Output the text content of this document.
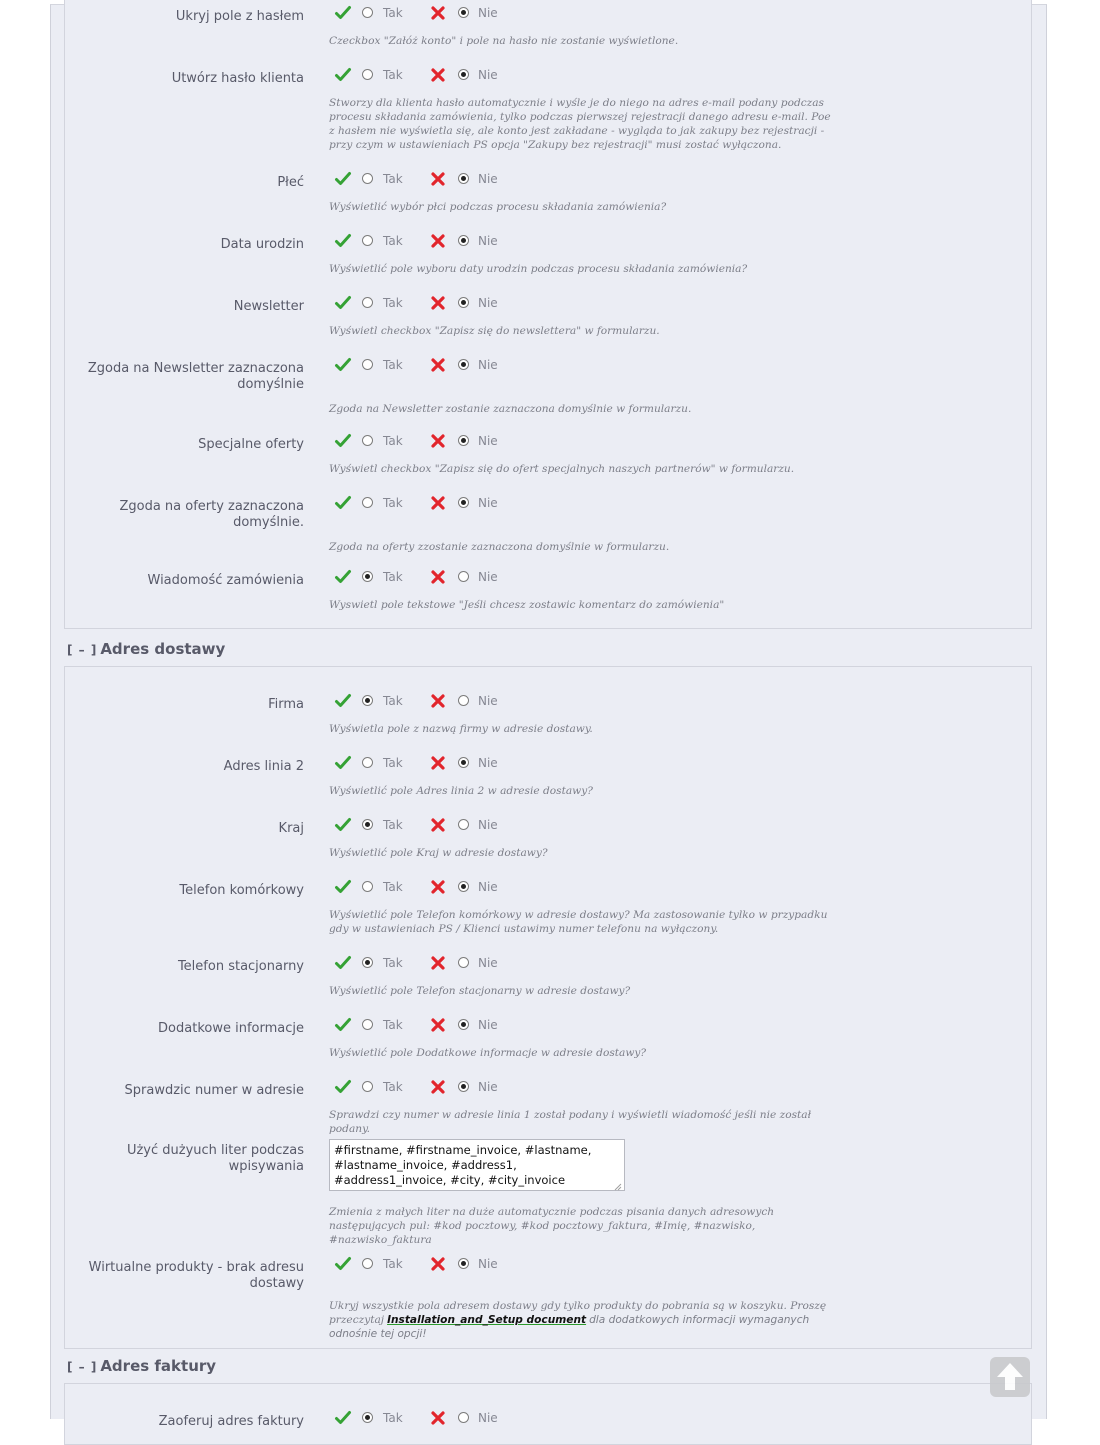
Ukryj pole z hasłem	Tak	Nie
Czeckbox "Załóż konto" i pole na hasło nie zostanie wyświetlone.
Utwórz hasło klienta	Tak	Nie
Stworzy dla klienta hasło automatycznie i wyśle je do niego na adres e-mail podany podczas procesu składania zamówienia, tylko podczas pierwszej rejestracji danego adresu e-mail. Poe z hasłem nie wyświetla się, ale konto jest zakładane - wygląda to jak zakupy bez rejestracji - przy czym w ustawieniach PS opcja "Zakupy bez rejestracji" musi zostać wyłączona.
Płeć	Tak	Nie
Wyświetlić wybór płci podczas procesu składania zamówienia?
Data urodzin	Tak	Nie
Wyświetlić pole wyboru daty urodzin podczas procesu składania zamówienia?
Newsletter	Tak	Nie
Wyświetl checkbox "Zapisz się do newslettera" w formularzu.
Zgoda na Newsletter zaznaczona domyślnie
Tak	Nie
Zgoda na Newsletter zostanie zaznaczona domyślnie w formularzu.
Specjalne oferty	Tak	Nie
Wyświetl checkbox "Zapisz się do ofert specjalnych naszych partnerów" w formularzu.
Zgoda na oferty zaznaczona domyślnie.
Tak	Nie
Zgoda na oferty zzostanie zaznaczona domyślnie w formularzu.
Wiadomość zamówienia	Tak	Nie
Wyswietl pole tekstowe "Jeśli chcesz zostawic komentarz do zamówienia"
[ – ] Adres dostawy
Firma	Tak	Nie
Wyświetla pole z nazwą firmy w adresie dostawy.
Adres linia 2	Tak	Nie
Wyświetlić pole Adres linia 2 w adresie dostawy?
Kraj	Tak	Nie
Wyświetlić pole Kraj w adresie dostawy?
Telefon komórkowy	Tak	Nie
Wyświetlić pole Telefon komórkowy w adresie dostawy? Ma zastosowanie tylko w przypadku gdy w ustawieniach PS / Klienci ustawimy numer telefonu na wyłączony.
Telefon stacjonarny	Tak	Nie
Wyświetlić pole Telefon stacjonarny w adresie dostawy?
Dodatkowe informacje	Tak	Nie
Wyświetlić pole Dodatkowe informacje w adresie dostawy?
Sprawdzic numer w adresie	Tak	Nie
Sprawdzi czy numer w adresie linia 1 został podany i wyświetli wiadomość jeśli nie został podany.
Użyć dużyuch liter podczas wpisywania
#firstname, #firstname_invoice, #lastname, #lastname_invoice, #address1, #address1_invoice, #city, #city_invoice
Zmienia z małych liter na duże automatycznie podczas pisania danych adresowych następujących pul: #kod pocztowy, #kod pocztowy_faktura, #Imię, #nazwisko, #nazwisko_faktura
Wirtualne produkty - brak adresu dostawy
Tak	Nie
Ukryj wszystkie pola adresem dostawy gdy tylko produkty do pobrania są w koszyku. Proszę przeczytaj Installation_and_Setup document dla dodatkowych informacji wymaganych odnośnie tej opcji!
[ – ] Adres faktury
Zaoferuj adres faktury	Tak	Nie
